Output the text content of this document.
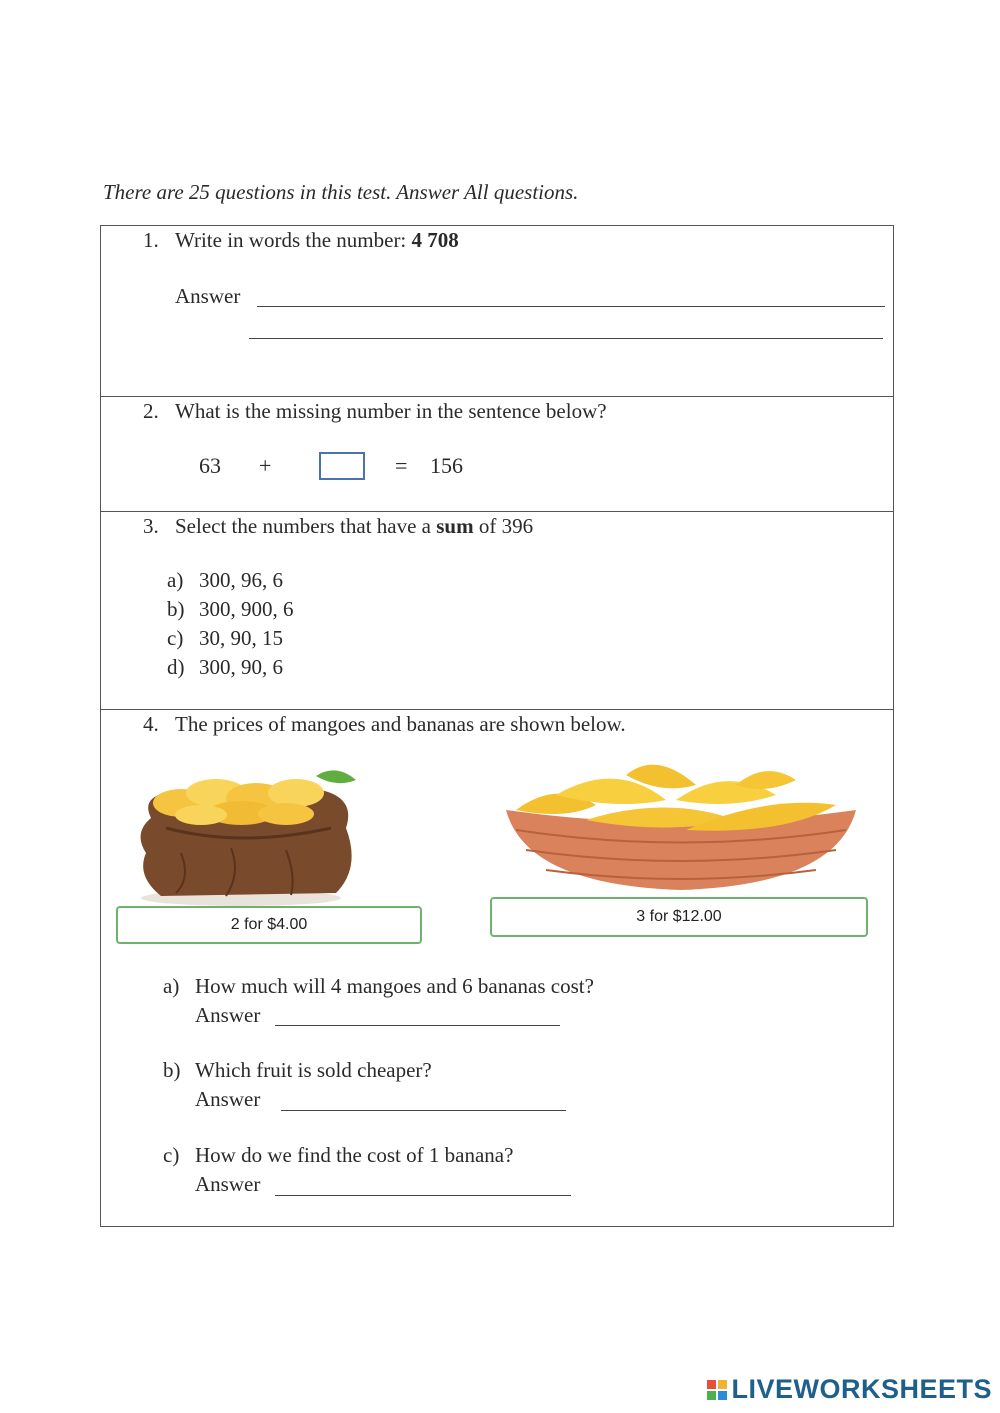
There are 25 questions in this test. Answer All questions.
1. Write in words the number: 4 708
Answer
2. What is the missing number in the sentence below?
63 +	= 156
3. Select the numbers that have a sum of 396
a) 300, 96, 6
b) 300, 900, 6
c) 30, 90, 15
d) 300, 90, 6
4. The prices of mangoes and bananas are shown below.
2 for $4.00	3 for $12.00
a) How much will 4 mangoes and 6 bananas cost?
Answer
b) Which fruit is sold cheaper?
Answer
c) How do we find the cost of 1 banana?
Answer
LIVEWORKSHEETS
